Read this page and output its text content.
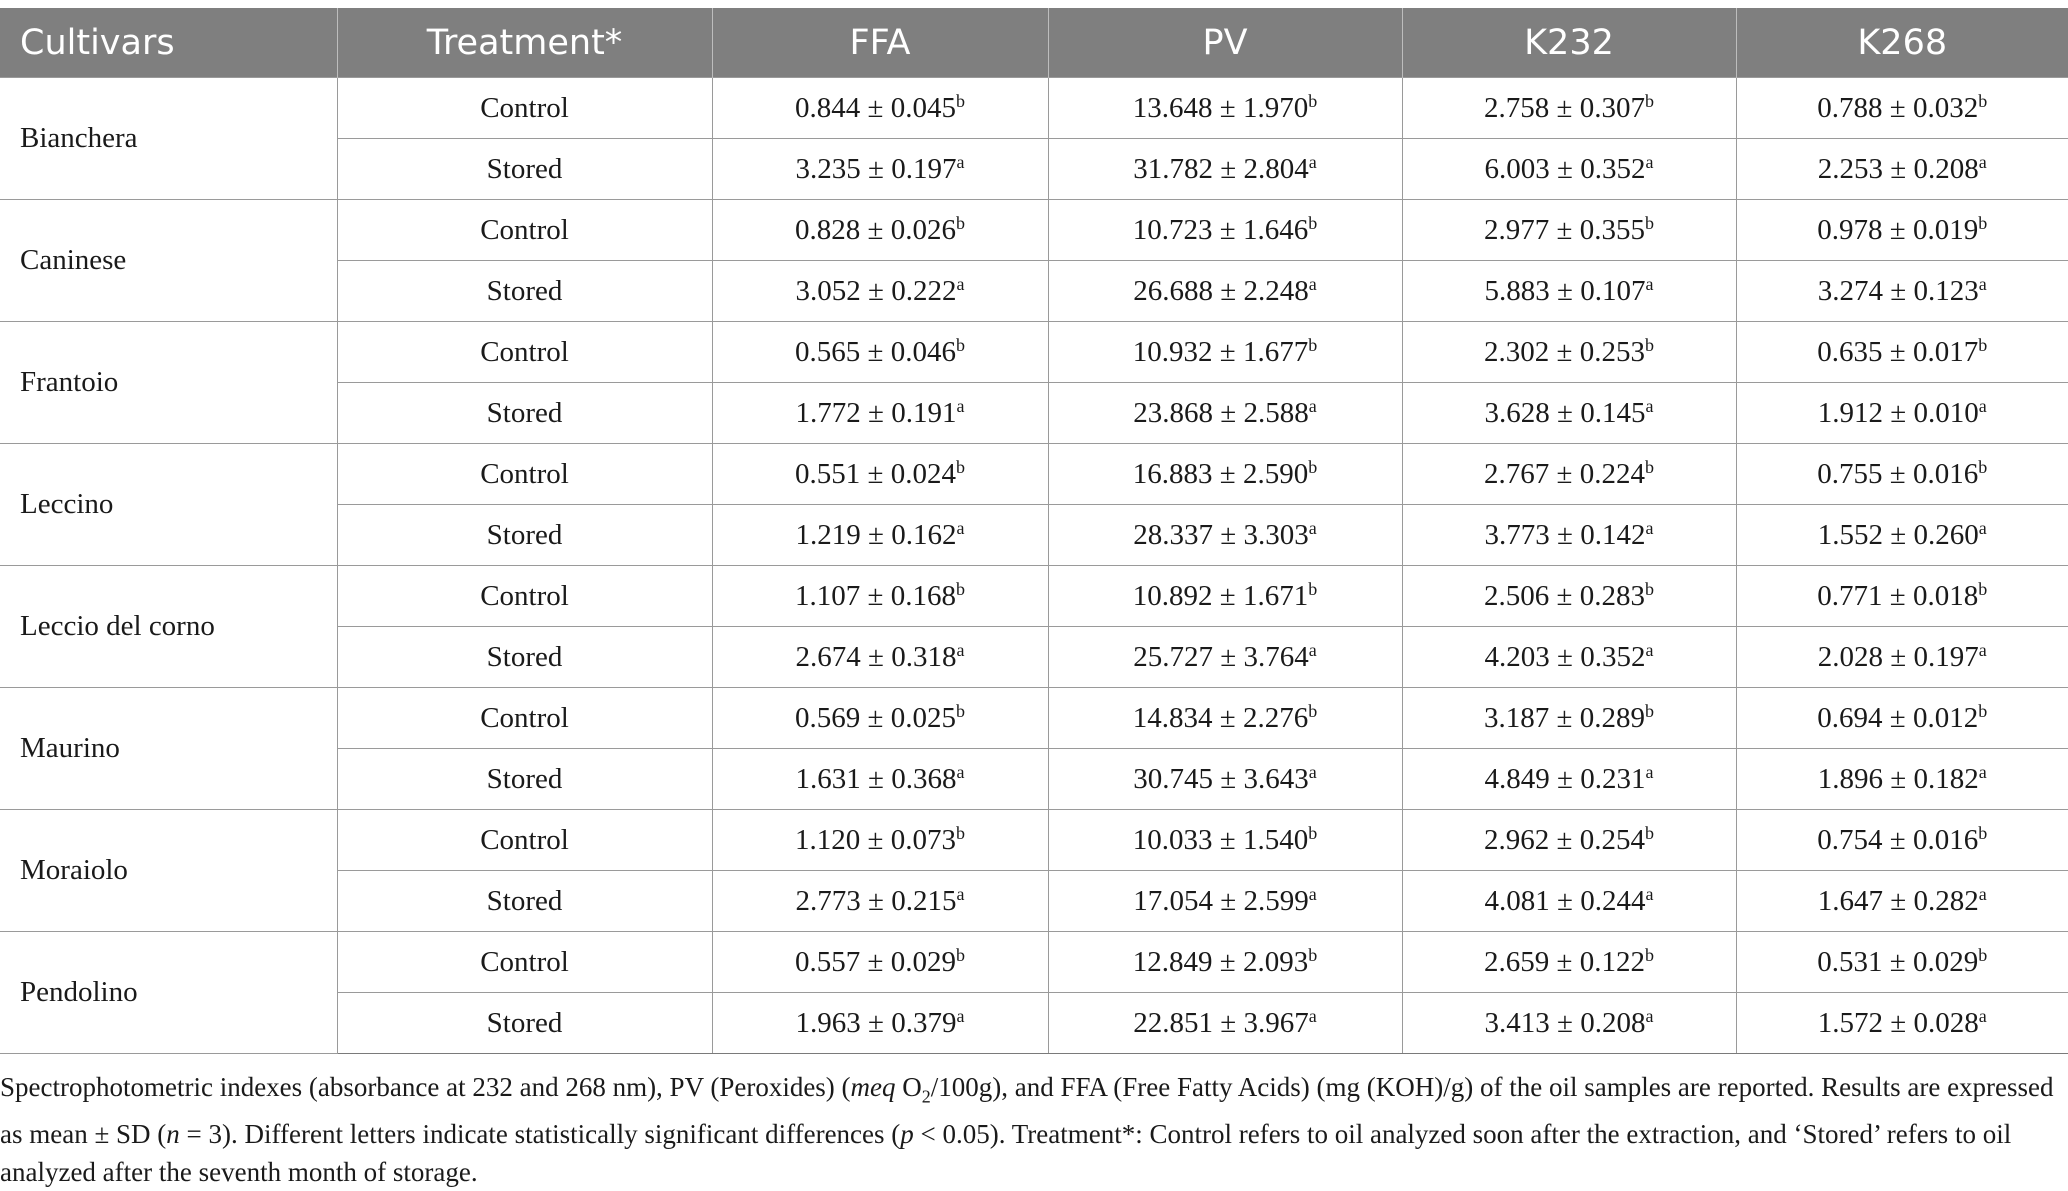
Cultivars	Treatment*	FFA	PV	K232	K268
Bianchera	Control	0.844 ± 0.045$^b$	13.648 ± 1.970$^b$	2.758 ± 0.307$^b$	0.788 ± 0.032$^b$
	Stored	3.235 ± 0.197$^a$	31.782 ± 2.804$^a$	6.003 ± 0.352$^a$	2.253 ± 0.208$^a$
Caninese	Control	0.828 ± 0.026$^b$	10.723 ± 1.646$^b$	2.977 ± 0.355$^b$	0.978 ± 0.019$^b$
	Stored	3.052 ± 0.222$^a$	26.688 ± 2.248$^a$	5.883 ± 0.107$^a$	3.274 ± 0.123$^a$
Frantoio	Control	0.565 ± 0.046$^b$	10.932 ± 1.677$^b$	2.302 ± 0.253$^b$	0.635 ± 0.017$^b$
	Stored	1.772 ± 0.191$^a$	23.868 ± 2.588$^a$	3.628 ± 0.145$^a$	1.912 ± 0.010$^a$
Leccino	Control	0.551 ± 0.024$^b$	16.883 ± 2.590$^b$	2.767 ± 0.224$^b$	0.755 ± 0.016$^b$
	Stored	1.219 ± 0.162$^a$	28.337 ± 3.303$^a$	3.773 ± 0.142$^a$	1.552 ± 0.260$^a$
Leccio del corno	Control	1.107 ± 0.168$^b$	10.892 ± 1.671$^b$	2.506 ± 0.283$^b$	0.771 ± 0.018$^b$
	Stored	2.674 ± 0.318$^a$	25.727 ± 3.764$^a$	4.203 ± 0.352$^a$	2.028 ± 0.197$^a$
Maurino	Control	0.569 ± 0.025$^b$	14.834 ± 2.276$^b$	3.187 ± 0.289$^b$	0.694 ± 0.012$^b$
	Stored	1.631 ± 0.368$^a$	30.745 ± 3.643$^a$	4.849 ± 0.231$^a$	1.896 ± 0.182$^a$
Moraiolo	Control	1.120 ± 0.073$^b$	10.033 ± 1.540$^b$	2.962 ± 0.254$^b$	0.754 ± 0.016$^b$
	Stored	2.773 ± 0.215$^a$	17.054 ± 2.599$^a$	4.081 ± 0.244$^a$	1.647 ± 0.282$^a$
Pendolino	Control	0.557 ± 0.029$^b$	12.849 ± 2.093$^b$	2.659 ± 0.122$^b$	0.531 ± 0.029$^b$
	Stored	1.963 ± 0.379$^a$	22.851 ± 3.967$^a$	3.413 ± 0.208$^a$	1.572 ± 0.028$^a$
Spectrophotometric indexes (absorbance at 232 and 268 nm), PV (Peroxides) (meq $O_2/100g$), and FFA (Free Fatty Acids) (mg (KOH)/g) of the oil samples are reported. Results are expressed as mean ± SD (n = 3). Different letters indicate statistically significant differences (p < 0.05). Treatment*: Control refers to oil analyzed soon after the extraction, and ‘Stored’ refers to oil analyzed after the seventh month of storage.
